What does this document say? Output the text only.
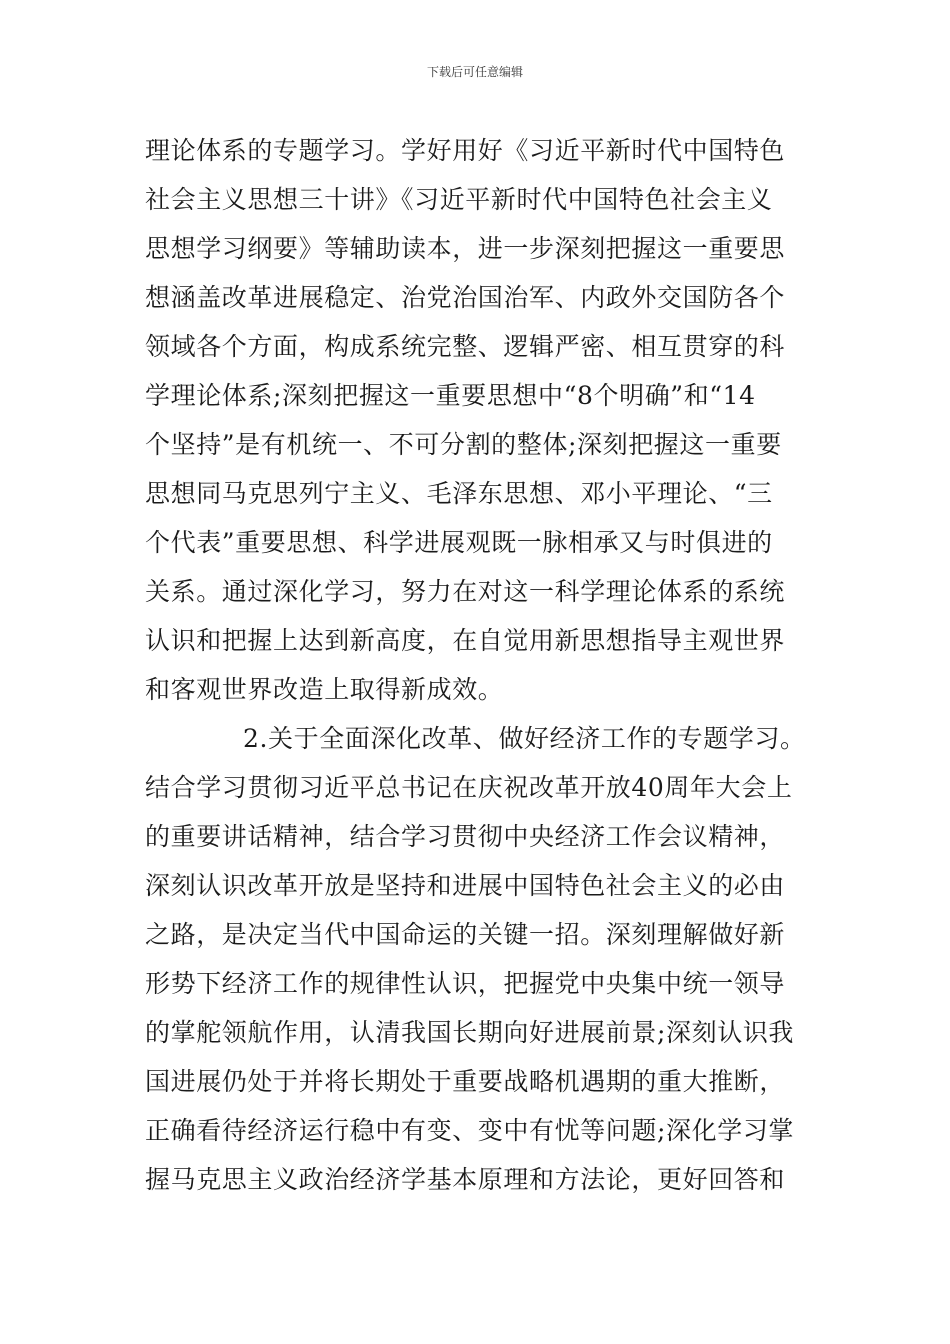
下载后可任意编辑
理论体系的专题学习。学好用好《习近平新时代中国特色
社会主义思想三十讲》《习近平新时代中国特色社会主义
思想学习纲要》等辅助读本，进一步深刻把握这一重要思
想涵盖改革进展稳定、治党治国治军、内政外交国防各个
领域各个方面，构成系统完整、逻辑严密、相互贯穿的科
学理论体系;深刻把握这一重要思想中“8个明确”和“14
个坚持”是有机统一、不可分割的整体;深刻把握这一重要
思想同马克思列宁主义、毛泽东思想、邓小平理论、“三
个代表”重要思想、科学进展观既一脉相承又与时俱进的
关系。通过深化学习，努力在对这一科学理论体系的系统
认识和把握上达到新高度，在自觉用新思想指导主观世界
和客观世界改造上取得新成效。
2.关于全面深化改革、做好经济工作的专题学习。
结合学习贯彻习近平总书记在庆祝改革开放40周年大会上
的重要讲话精神，结合学习贯彻中央经济工作会议精神，
深刻认识改革开放是坚持和进展中国特色社会主义的必由
之路，是决定当代中国命运的关键一招。深刻理解做好新
形势下经济工作的规律性认识，把握党中央集中统一领导
的掌舵领航作用，认清我国长期向好进展前景;深刻认识我
国进展仍处于并将长期处于重要战略机遇期的重大推断，
正确看待经济运行稳中有变、变中有忧等问题;深化学习掌
握马克思主义政治经济学基本原理和方法论，更好回答和
